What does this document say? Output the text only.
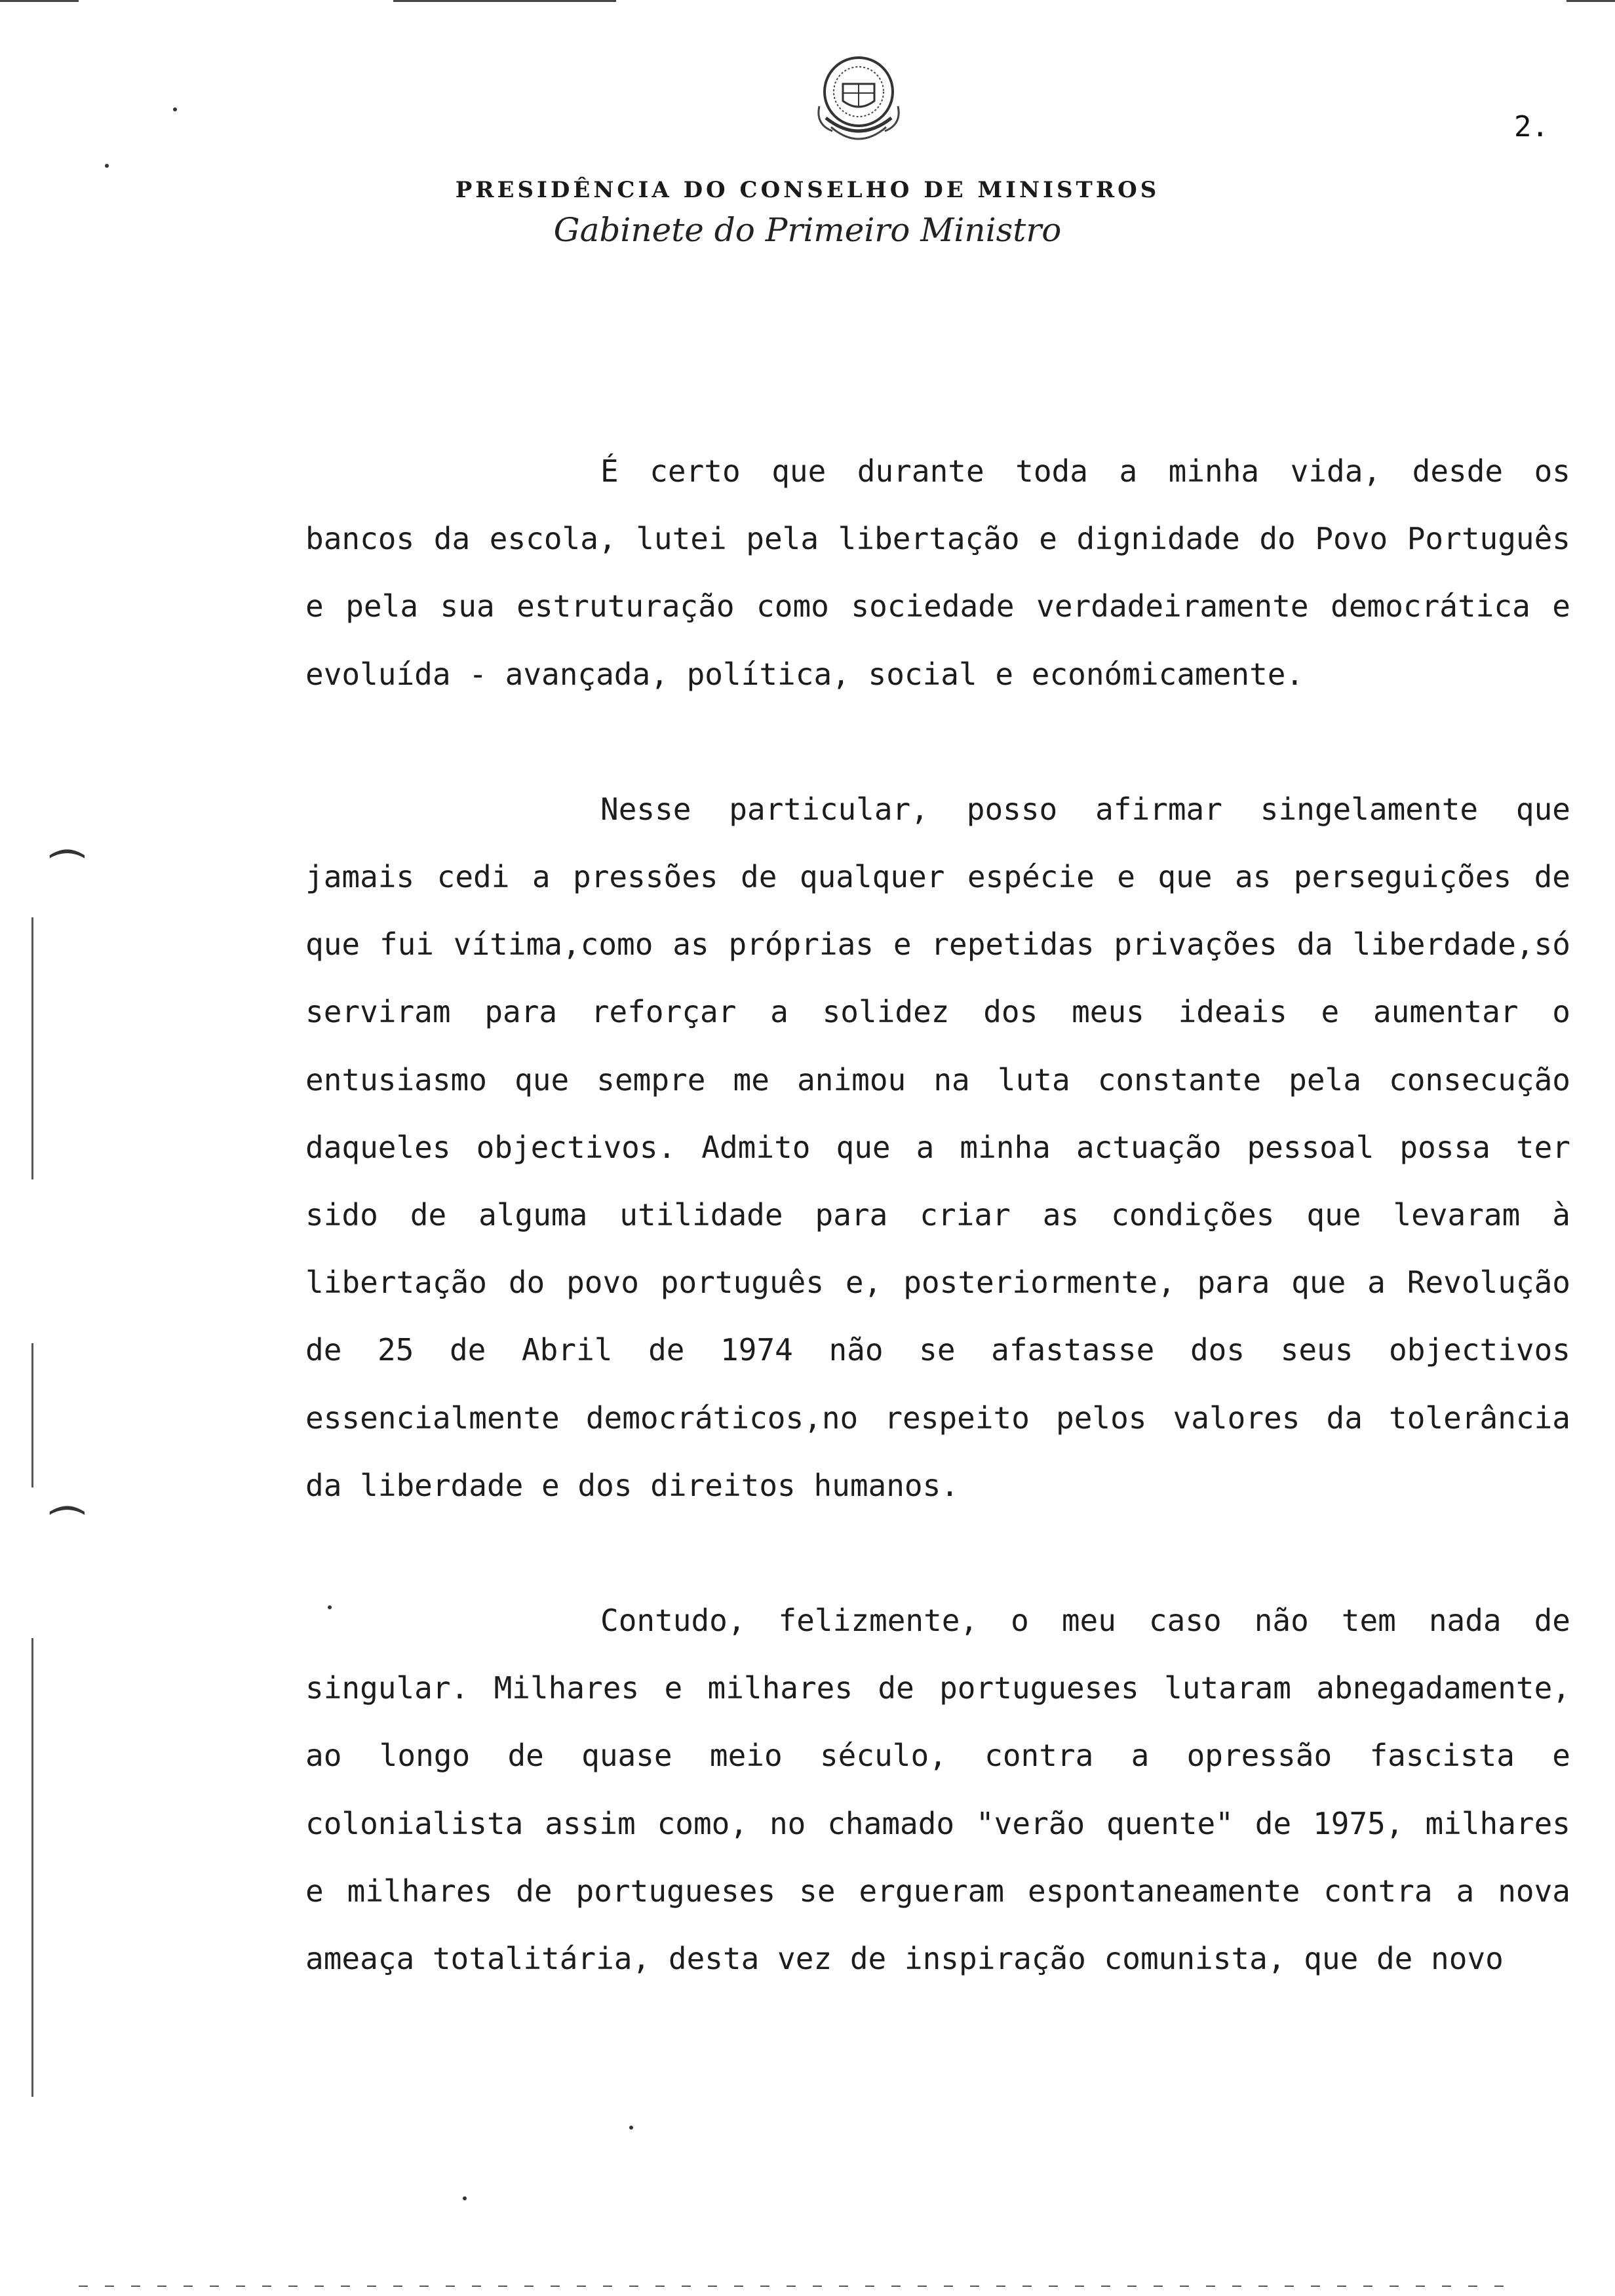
(
(
2.
PRESIDÊNCIA DO CONSELHO DE MINISTROS
Gabinete do Primeiro Ministro

É certo que durante toda a minha vida, desde os bancos da escola, lutei pela libertação e dignidade do Povo Português e pela sua estruturação como sociedade verdadeiramente democrática e evoluída - avançada, política, social e económicamente.

Nesse particular, posso afirmar singelamente que jamais cedi a pressões de qualquer espécie e que as perseguições de que fui vítima,como as próprias e repetidas privações da liberdade,só serviram para reforçar a solidez dos meus ideais e aumentar o entusiasmo que sempre me animou na luta constante pela consecução daqueles objectivos. Admito que a minha actuação pessoal possa ter sido de alguma utilidade para criar as condições que levaram à libertação do povo português e, posteriormente, para que a Revolução de 25 de Abril de 1974 não se afastasse dos seus objectivos essencialmente democráticos,no respeito pelos valores da tolerância da liberdade e dos direitos humanos.

Contudo, felizmente, o meu caso não tem nada de singular. Milhares e milhares de portugueses lutaram abnegadamente, ao longo de quase meio século, contra a opressão fascista e colonialista assim como, no chamado "verão quente" de 1975, milhares e milhares de portugueses se ergueram espontaneamente contra a nova ameaça totalitária, desta vez de inspiração comunista, que de novo
